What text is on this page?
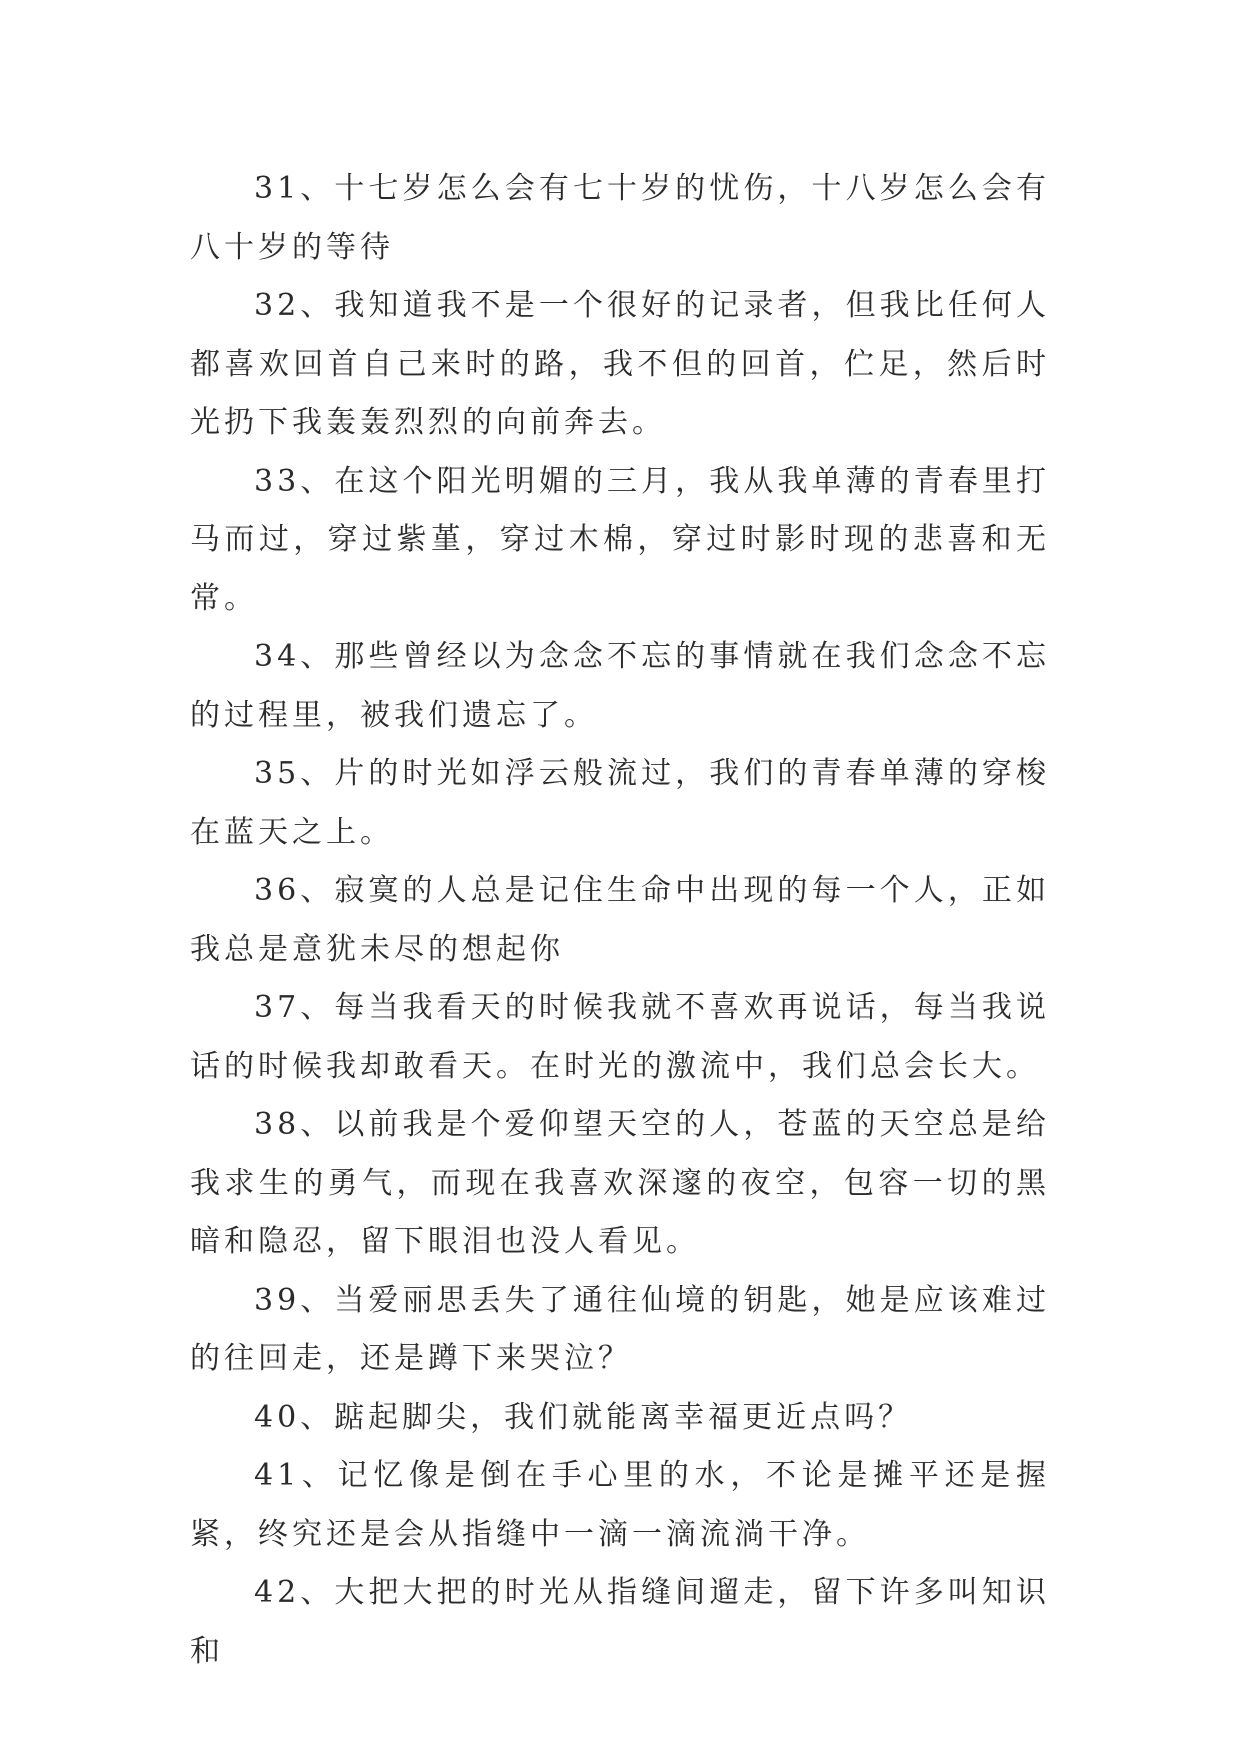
31、十七岁怎么会有七十岁的忧伤，十八岁怎么会有八十岁的等待

32、我知道我不是一个很好的记录者，但我比任何人都喜欢回首自己来时的路，我不但的回首，伫足，然后时光扔下我轰轰烈烈的向前奔去。

33、在这个阳光明媚的三月，我从我单薄的青春里打马而过，穿过紫堇，穿过木棉，穿过时影时现的悲喜和无常。

34、那些曾经以为念念不忘的事情就在我们念念不忘的过程里，被我们遗忘了。

35、片的时光如浮云般流过，我们的青春单薄的穿梭在蓝天之上。

36、寂寞的人总是记住生命中出现的每一个人，正如我总是意犹未尽的想起你

37、每当我看天的时候我就不喜欢再说话，每当我说话的时候我却敢看天。在时光的激流中，我们总会长大。

38、以前我是个爱仰望天空的人，苍蓝的天空总是给我求生的勇气，而现在我喜欢深邃的夜空，包容一切的黑暗和隐忍，留下眼泪也没人看见。

39、当爱丽思丢失了通往仙境的钥匙，她是应该难过的往回走，还是蹲下来哭泣？

40、踮起脚尖，我们就能离幸福更近点吗？

41、记忆像是倒在手心里的水，不论是摊平还是握紧，终究还是会从指缝中一滴一滴流淌干净。

42、大把大把的时光从指缝间遛走，留下许多叫知识和
